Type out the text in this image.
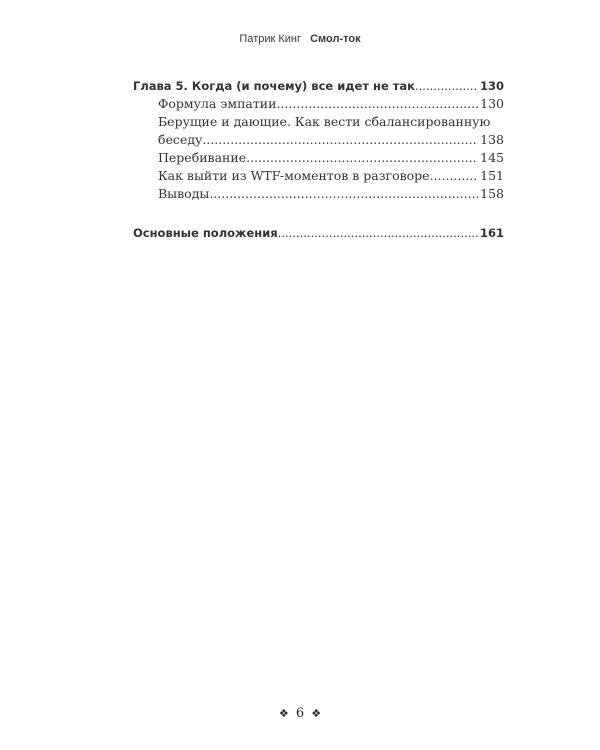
Патрик Кинг Смол-ток
Глава 5. Когда (и почему) все идет не так .....	130
Формула эмпатии .....	130
Берущие и дающие. Как вести сбалансированную
беседу .....	138
Перебивание .....	145
Как выйти из WTF-моментов в разговоре .....	151
Выводы .....	158
Основные положения .....	161
❖ 6 ❖
